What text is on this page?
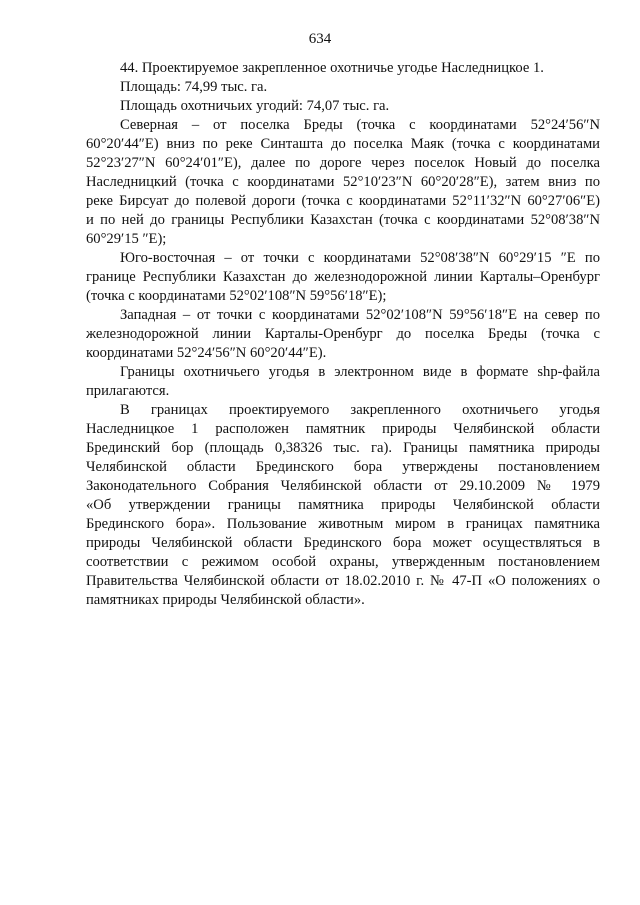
634
44. Проектируемое закрепленное охотничье угодье Наследницкое 1.
Площадь: 74,99 тыс. га.
Площадь охотничьих угодий: 74,07 тыс. га.
Северная – от поселка Бреды (точка с координатами 52°24′56″N
60°20′44″E) вниз по реке Синташта до поселка Маяк (точка с координатами
52°23′27″N 60°24′01″E), далее по дороге через поселок Новый до поселка
Наследницкий (точка с координатами 52°10′23″N 60°20′28″E), затем вниз по
реке Бирсуат до полевой дороги (точка с координатами 52°11′32″N 60°27′06″E)
и по ней до границы Республики Казахстан (точка с координатами 52°08′38″N
60°29′15 ″E);
Юго-восточная – от точки с координатами 52°08′38″N 60°29′15 ″E по
границе Республики Казахстан до железнодорожной линии Карталы–Оренбург
(точка с координатами 52°02′108″N 59°56′18″E);
Западная – от точки с координатами 52°02′108″N 59°56′18″E на север по
железнодорожной линии Карталы-Оренбург до поселка Бреды (точка с
координатами 52°24′56″N 60°20′44″E).
Границы охотничьего угодья в электронном виде в формате shp-файла
прилагаются.
В границах проектируемого закрепленного охотничьего угодья
Наследницкое 1 расположен памятник природы Челябинской области
Брединский бор (площадь 0,38326 тыс. га). Границы памятника природы
Челябинской области Брединского бора утверждены постановлением
Законодательного Собрания Челябинской области от 29.10.2009 № 1979
«Об утверждении границы памятника природы Челябинской области
Брединского бора». Пользование животным миром в границах памятника
природы Челябинской области Брединского бора может осуществляться в
соответствии с режимом особой охраны, утвержденным постановлением
Правительства Челябинской области от 18.02.2010 г. № 47-П «О положениях о
памятниках природы Челябинской области».
